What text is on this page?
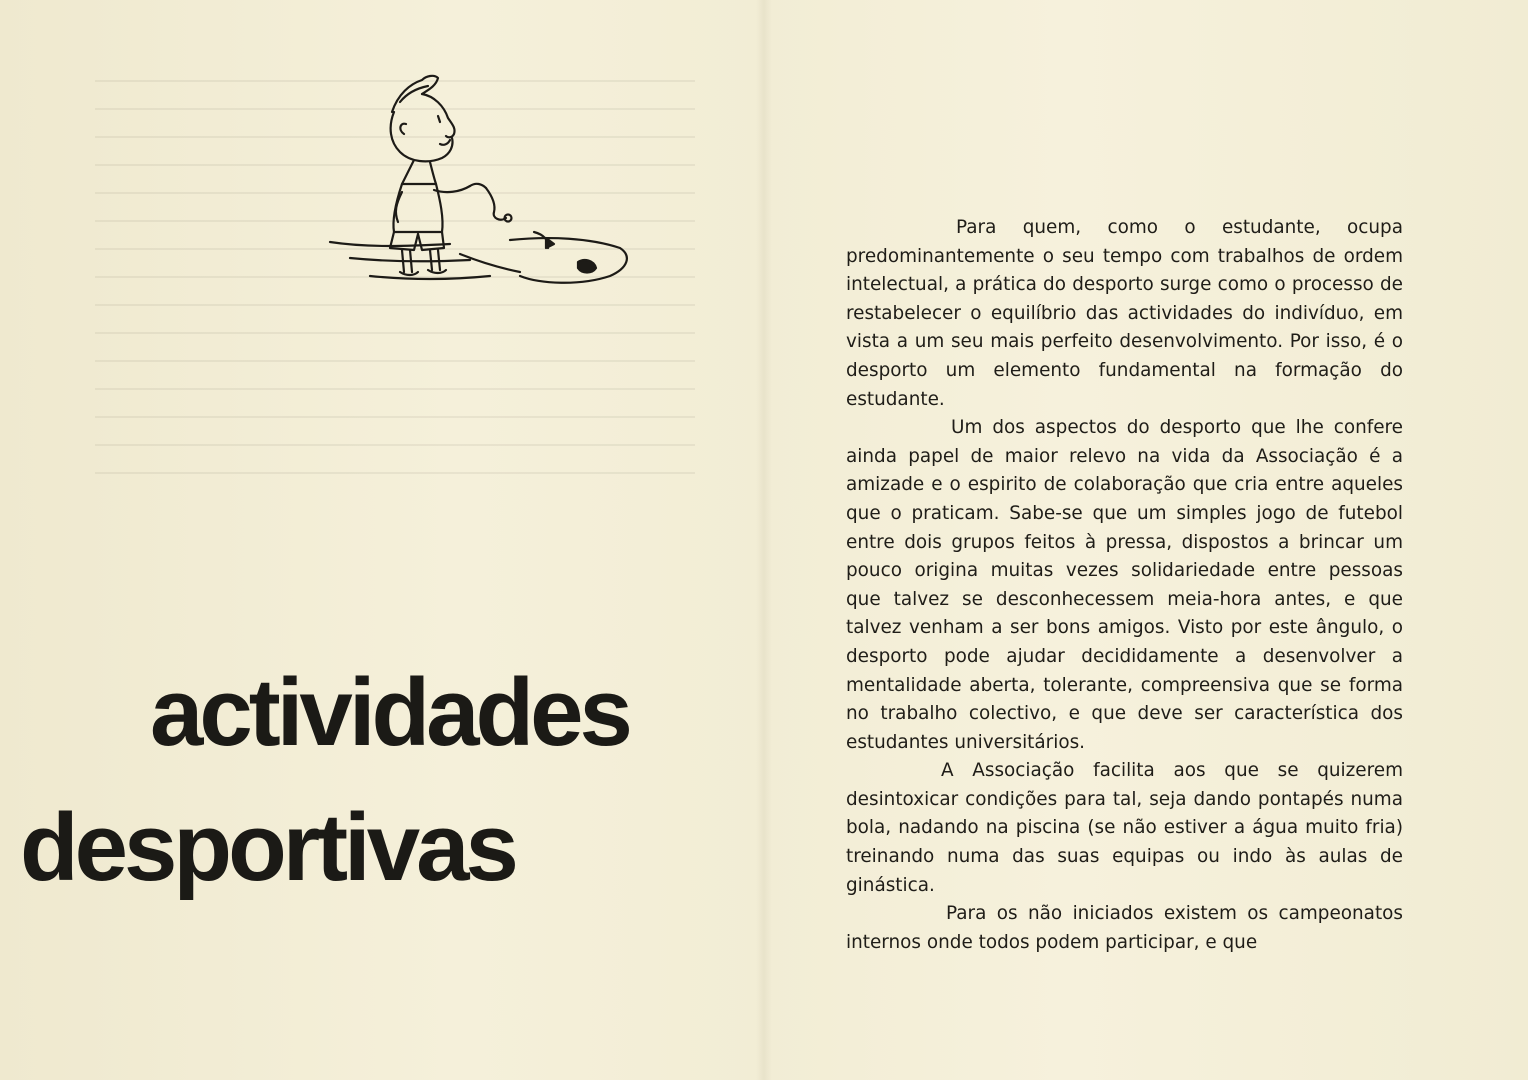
actividades
desportivas

Para quem, como o estudante, ocupa predominantemente o seu tempo com trabalhos de ordem intelectual, a prática do desporto surge como o processo de restabelecer o equilíbrio das actividades do indivíduo, em vista a um seu mais perfeito desenvolvimento. Por isso, é o desporto um elemento fundamental na formação do estudante.

Um dos aspectos do desporto que lhe confere ainda papel de maior relevo na vida da Associação é a amizade e o espirito de colaboração que cria entre aqueles que o praticam. Sabe-se que um simples jogo de futebol entre dois grupos feitos à pressa, dispostos a brincar um pouco origina muitas vezes solidariedade entre pessoas que talvez se desconhecessem meia-hora antes, e que talvez venham a ser bons amigos. Visto por este ângulo, o desporto pode ajudar decididamente a desenvolver a mentalidade aberta, tolerante, compreensiva que se forma no trabalho colectivo, e que deve ser característica dos estudantes universitários.

A Associação facilita aos que se quizerem desintoxicar condições para tal, seja dando pontapés numa bola, nadando na piscina (se não estiver a água muito fria) treinando numa das suas equipas ou indo às aulas de ginástica.

Para os não iniciados existem os campeonatos internos onde todos podem participar, e que
